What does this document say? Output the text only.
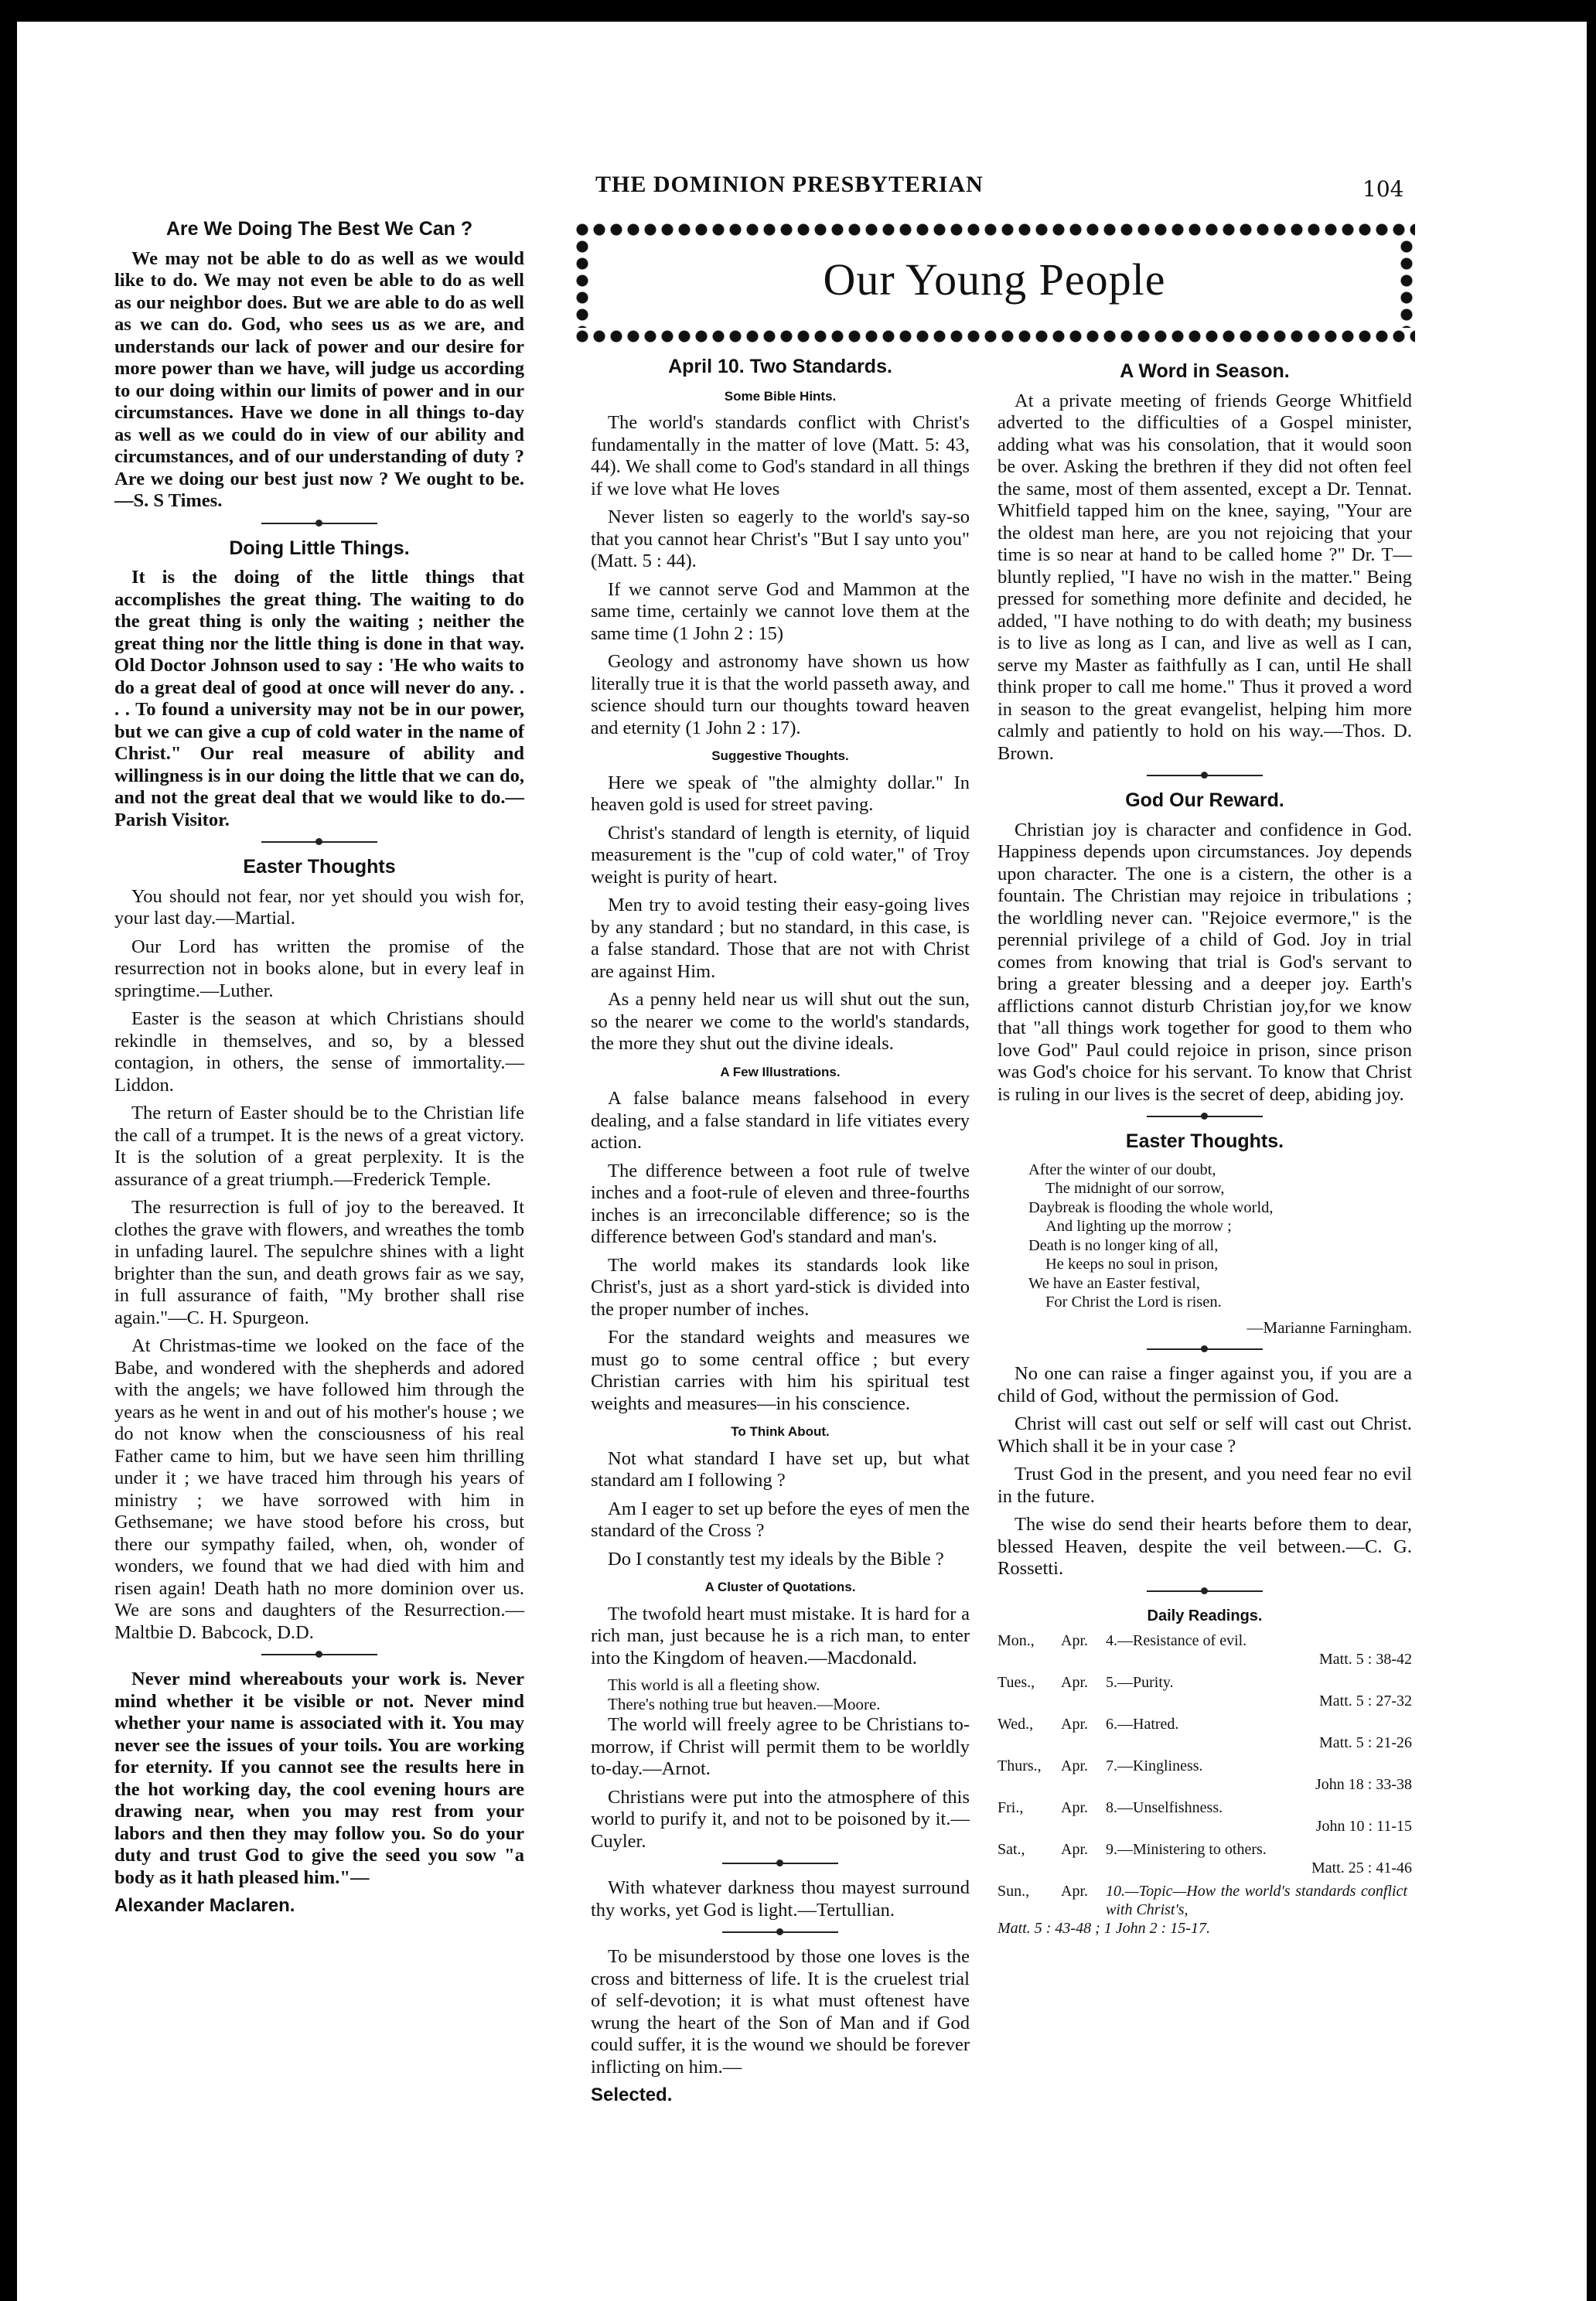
THE DOMINION PRESBYTERIAN	104
Our Young People
Are We Doing The Best We Can ?

We may not be able to do as well as we would like to do. We may not even be able to do as well as our neighbor does. But we are able to do as well as we can do. God, who sees us as we are, and understands our lack of power and our desire for more power than we have, will judge us according to our doing within our limits of power and in our circumstances. Have we done in all things to-day as well as we could do in view of our ability and circumstances, and of our understanding of duty ? Are we doing our best just now ? We ought to be.—S. S Times.

Doing Little Things.

It is the doing of the little things that accomplishes the great thing. The waiting to do the great thing is only the waiting ; neither the great thing nor the little thing is done in that way. Old Doctor Johnson used to say : 'He who waits to do a great deal of good at once will never do any. . . . To found a university may not be in our power, but we can give a cup of cold water in the name of Christ." Our real measure of ability and willingness is in our doing the little that we can do, and not the great deal that we would like to do.—Parish Visitor.

Easter Thoughts

You should not fear, nor yet should you wish for, your last day.—Martial.

Our Lord has written the promise of the resurrection not in books alone, but in every leaf in springtime.—Luther.

Easter is the season at which Christians should rekindle in themselves, and so, by a blessed contagion, in others, the sense of immortality.—Liddon.

The return of Easter should be to the Christian life the call of a trumpet. It is the news of a great victory. It is the solution of a great perplexity. It is the assurance of a great triumph.—Frederick Temple.

The resurrection is full of joy to the bereaved. It clothes the grave with flowers, and wreathes the tomb in unfading laurel. The sepulchre shines with a light brighter than the sun, and death grows fair as we say, in full assurance of faith, "My brother shall rise again."—C. H. Spurgeon.

At Christmas-time we looked on the face of the Babe, and wondered with the shepherds and adored with the angels; we have followed him through the years as he went in and out of his mother's house ; we do not know when the consciousness of his real Father came to him, but we have seen him thrilling under it ; we have traced him through his years of ministry ; we have sorrowed with him in Gethsemane; we have stood before his cross, but there our sympathy failed, when, oh, wonder of wonders, we found that we had died with him and risen again! Death hath no more dominion over us. We are sons and daughters of the Resurrection.—Maltbie D. Babcock, D.D.

Never mind whereabouts your work is. Never mind whether it be visible or not. Never mind whether your name is associated with it. You may never see the issues of your toils. You are working for eternity. If you cannot see the results here in the hot working day, the cool evening hours are drawing near, when you may rest from your labors and then they may follow you. So do your duty and trust God to give the seed you sow "a body as it hath pleased him."—

Alexander Maclaren.
April 10. Two Standards.
Some Bible Hints.

The world's standards conflict with Christ's fundamentally in the matter of love (Matt. 5: 43, 44). We shall come to God's standard in all things if we love what He loves

Never listen so eagerly to the world's say-so that you cannot hear Christ's "But I say unto you" (Matt. 5 : 44).

If we cannot serve God and Mammon at the same time, certainly we cannot love them at the same time (1 John 2 : 15)

Geology and astronomy have shown us how literally true it is that the world passeth away, and science should turn our thoughts toward heaven and eternity (1 John 2 : 17).

Suggestive Thoughts.

Here we speak of "the almighty dollar." In heaven gold is used for street paving.

Christ's standard of length is eternity, of liquid measurement is the "cup of cold water," of Troy weight is purity of heart.

Men try to avoid testing their easy-going lives by any standard ; but no standard, in this case, is a false standard. Those that are not with Christ are against Him.

As a penny held near us will shut out the sun, so the nearer we come to the world's standards, the more they shut out the divine ideals.

A Few Illustrations.

A false balance means falsehood in every dealing, and a false standard in life vitiates every action.

The difference between a foot rule of twelve inches and a foot-rule of eleven and three-fourths inches is an irreconcilable difference; so is the difference between God's standard and man's.

The world makes its standards look like Christ's, just as a short yard-stick is divided into the proper number of inches.

For the standard weights and measures we must go to some central office ; but every Christian carries with him his spiritual test weights and measures—in his conscience.

To Think About.

Not what standard I have set up, but what standard am I following ?

Am I eager to set up before the eyes of men the standard of the Cross ?

Do I constantly test my ideals by the Bible ?

A Cluster of Quotations.

The twofold heart must mistake. It is hard for a rich man, just because he is a rich man, to enter into the Kingdom of heaven.—Macdonald.

This world is all a fleeting show.
There's nothing true but heaven.—Moore.

The world will freely agree to be Christians to-morrow, if Christ will permit them to be worldly to-day.—Arnot.

Christians were put into the atmosphere of this world to purify it, and not to be poisoned by it.—Cuyler.

With whatever darkness thou mayest surround thy works, yet God is light.—Tertullian.

To be misunderstood by those one loves is the cross and bitterness of life. It is the cruelest trial of self-devotion; it is what must oftenest have wrung the heart of the Son of Man and if God could suffer, it is the wound we should be forever inflicting on him.—

Selected.
A Word in Season.

At a private meeting of friends George Whitfield adverted to the difficulties of a Gospel minister, adding what was his consolation, that it would soon be over. Asking the brethren if they did not often feel the same, most of them assented, except a Dr. Tennat. Whitfield tapped him on the knee, saying, "Your are the oldest man here, are you not rejoicing that your time is so near at hand to be called home ?" Dr. T—bluntly replied, "I have no wish in the matter." Being pressed for something more definite and decided, he added, "I have nothing to do with death; my business is to live as long as I can, and live as well as I can, serve my Master as faithfully as I can, until He shall think proper to call me home." Thus it proved a word in season to the great evangelist, helping him more calmly and patiently to hold on his way.—Thos. D. Brown.

God Our Reward.

Christian joy is character and confidence in God. Happiness depends upon circumstances. Joy depends upon character. The one is a cistern, the other is a fountain. The Christian may rejoice in tribulations ; the worldling never can. "Rejoice evermore," is the perennial privilege of a child of God. Joy in trial comes from knowing that trial is God's servant to bring a greater blessing and a deeper joy. Earth's afflictions cannot disturb Christian joy,for we know that "all things work together for good to them who love God" Paul could rejoice in prison, since prison was God's choice for his servant. To know that Christ is ruling in our lives is the secret of deep, abiding joy.

Easter Thoughts.
After the winter of our doubt,
The midnight of our sorrow,
Daybreak is flooding the whole world,
And lighting up the morrow ;
Death is no longer king of all,
He keeps no soul in prison,
We have an Easter festival,
For Christ the Lord is risen.
—Marianne Farningham.

No one can raise a finger against you, if you are a child of God, without the permission of God.

Christ will cast out self or self will cast out Christ. Which shall it be in your case ?

Trust God in the present, and you need fear no evil in the future.

The wise do send their hearts before them to dear, blessed Heaven, despite the veil between.—C. G. Rossetti.

Daily Readings.
Mon.,	Apr.	4.—Resistance of evil.
Matt. 5 : 38-42
Tues.,	Apr.	5.—Purity.
Matt. 5 : 27-32
Wed.,	Apr.	6.—Hatred.
Matt. 5 : 21-26
Thurs.,	Apr.	7.—Kingliness.
John 18 : 33-38
Fri.,	Apr.	8.—Unselfishness.
John 10 : 11-15
Sat.,	Apr.	9.—Ministering to others.
Matt. 25 : 41-46
Sun.,	Apr.	10.—Topic—How the world's standards conflict with Christ's,
Matt. 5 : 43-48 ; 1 John 2 : 15-17.
